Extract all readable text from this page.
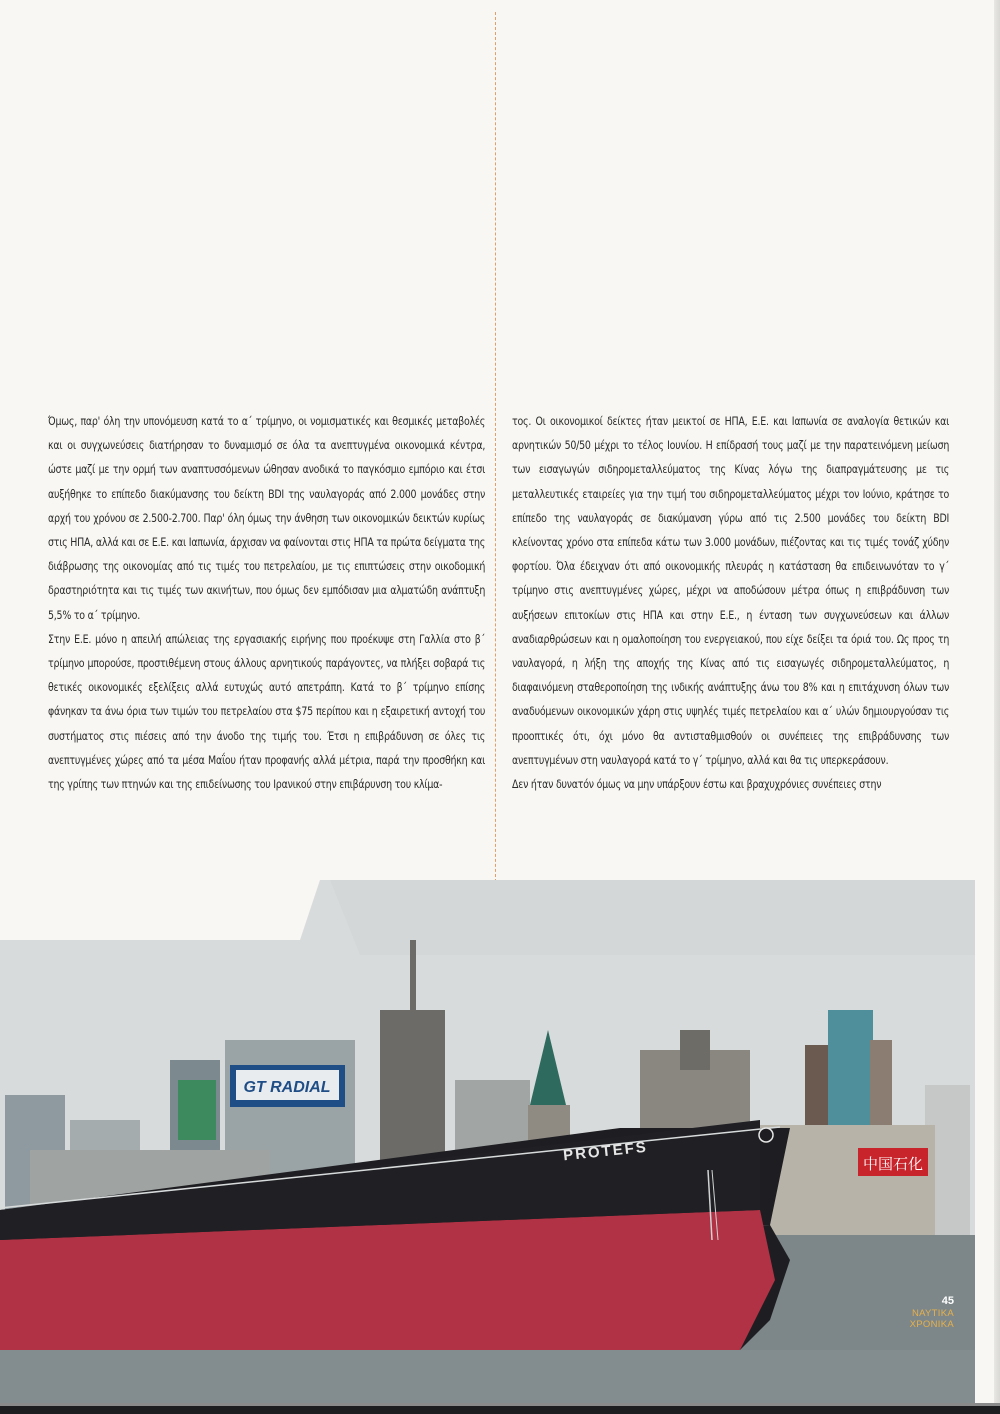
Όμως, παρ' όλη την υπονόμευση κατά το α΄ τρίμηνο, οι νομισματικές και θεσμικές μεταβολές και οι συγχωνεύσεις διατήρησαν το δυναμισμό σε όλα τα ανεπτυγμένα οικονομικά κέντρα, ώστε μαζί με την ορμή των αναπτυσσόμενων ώθησαν ανοδικά το παγκόσμιο εμπόριο και έτσι αυξήθηκε το επίπεδο διακύμανσης του δείκτη BDI της ναυλαγοράς από 2.000 μονάδες στην αρχή του χρόνου σε 2.500-2.700. Παρ' όλη όμως την άνθηση των οικονομικών δεικτών κυρίως στις ΗΠΑ, αλλά και σε Ε.Ε. και Ιαπωνία, άρχισαν να φαίνονται στις ΗΠΑ τα πρώτα δείγματα της διάβρωσης της οικονομίας από τις τιμές του πετρελαίου, με τις επιπτώσεις στην οικοδομική δραστηριότητα και τις τιμές των ακινήτων, που όμως δεν εμπόδισαν μια αλματώδη ανάπτυξη 5,5% το α΄ τρίμηνο.

Στην Ε.Ε. μόνο η απειλή απώλειας της εργασιακής ειρήνης που προέκυψε στη Γαλλία στο β΄ τρίμηνο μπορούσε, προστιθέμενη στους άλλους αρνητικούς παράγοντες, να πλήξει σοβαρά τις θετικές οικονομικές εξελίξεις αλλά ευτυχώς αυτό απετράπη. Κατά το β΄ τρίμηνο επίσης φάνηκαν τα άνω όρια των τιμών του πετρελαίου στα $75 περίπου και η εξαιρετική αντοχή του συστήματος στις πιέσεις από την άνοδο της τιμής του. Έτσι η επιβράδυνση σε όλες τις ανεπτυγμένες χώρες από τα μέσα Μαΐου ήταν προφανής αλλά μέτρια, παρά την προσθήκη και της γρίπης των πτηνών και της επιδείνωσης του Ιρανικού στην επιβάρυνση του κλίμα-

τος. Οι οικονομικοί δείκτες ήταν μεικτοί σε ΗΠΑ, Ε.Ε. και Ιαπωνία σε αναλογία θετικών και αρνητικών 50/50 μέχρι το τέλος Ιουνίου. Η επίδρασή τους μαζί με την παρατεινόμενη μείωση των εισαγωγών σιδηρομεταλλεύματος της Κίνας λόγω της διαπραγμάτευσης με τις μεταλλευτικές εταιρείες για την τιμή του σιδηρομεταλλεύματος μέχρι τον Ιούνιο, κράτησε το επίπεδο της ναυλαγοράς σε διακύμανση γύρω από τις 2.500 μονάδες του δείκτη BDI κλείνοντας χρόνο στα επίπεδα κάτω των 3.000 μονάδων, πιέζοντας και τις τιμές τονάζ χύδην φορτίου. Όλα έδειχναν ότι από οικονομικής πλευράς η κατάσταση θα επιδεινωνόταν το γ΄ τρίμηνο στις ανεπτυγμένες χώρες, μέχρι να αποδώσουν μέτρα όπως η επιβράδυνση των αυξήσεων επιτοκίων στις ΗΠΑ και στην Ε.Ε., η ένταση των συγχωνεύσεων και άλλων αναδιαρθρώσεων και η ομαλοποίηση του ενεργειακού, που είχε δείξει τα όριά του. Ως προς τη ναυλαγορά, η λήξη της αποχής της Κίνας από τις εισαγωγές σιδηρομεταλλεύματος, η διαφαινόμενη σταθεροποίηση της ινδικής ανάπτυξης άνω του 8% και η επιτάχυνση όλων των αναδυόμενων οικονομικών χάρη στις υψηλές τιμές πετρελαίου και α΄ υλών δημιουργούσαν τις προοπτικές ότι, όχι μόνο θα αντισταθμισθούν οι συνέπειες της επιβράδυνσης των ανεπτυγμένων στη ναυλαγορά κατά το γ΄ τρίμηνο, αλλά και θα τις υπερκεράσουν.

Δεν ήταν δυνατόν όμως να μην υπάρξουν έστω και βραχυχρόνιες συνέπειες στην

GT RADIAL
中国石化
PROTEFS
45
ΝΑΥΤΙΚΑ
ΧΡΟΝΙΚΑ
